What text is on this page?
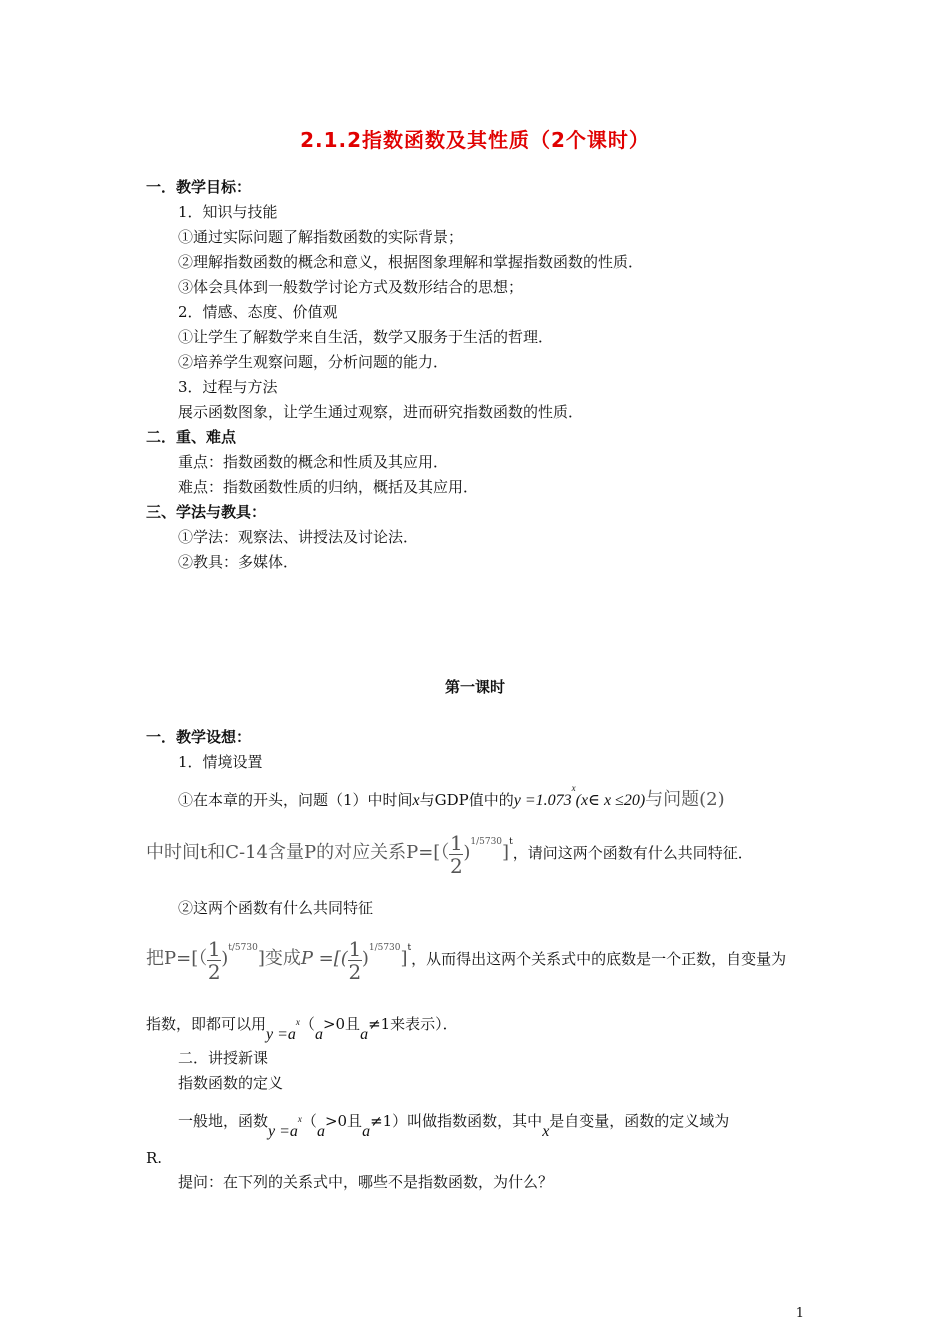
2.1.2指数函数及其性质（2个课时）
一．教学目标：
1．知识与技能
①通过实际问题了解指数函数的实际背景；
②理解指数函数的概念和意义，根据图象理解和掌握指数函数的性质．
③体会具体到一般数学讨论方式及数形结合的思想；
2．情感、态度、价值观
①让学生了解数学来自生活，数学又服务于生活的哲理．
②培养学生观察问题，分析问题的能力．
3．过程与方法
展示函数图象，让学生通过观察，进而研究指数函数的性质．
二．重、难点
重点：指数函数的概念和性质及其应用．
难点：指数函数性质的归纳，概括及其应用．
三、学法与教具：
①学法：观察法、讲授法及讨论法．
②教具：多媒体．
第一课时
一．教学设想：
1．情境设置
①在本章的开头，问题（1）中时间x与GDP值中的$y =1.073^x(x\in$ x ≤20)与问题(2)
中时间t和C-14含量P的对应关系$P=[( \frac{1}{2} )^{1/5730}]^t$，请问这两个函数有什么共同特征．
②这两个函数有什么共同特征
把$P=[( \frac{1}{2} )^{t/5730}]$变成P =[( $\frac{1}{2} )^{1/5730}]^t$，从而得出这两个关系式中的底数是一个正数，自变量为
指数，即都可以用$y =a^x(a>0$且a≠1来表示）．
二．讲授新课
指数函数的定义
一般地，函数$y =a^x(a>0$且a≠1）叫做指数函数，其中x是自变量，函数的定义域为
R.
提问：在下列的关系式中，哪些不是指数函数，为什么？
1
